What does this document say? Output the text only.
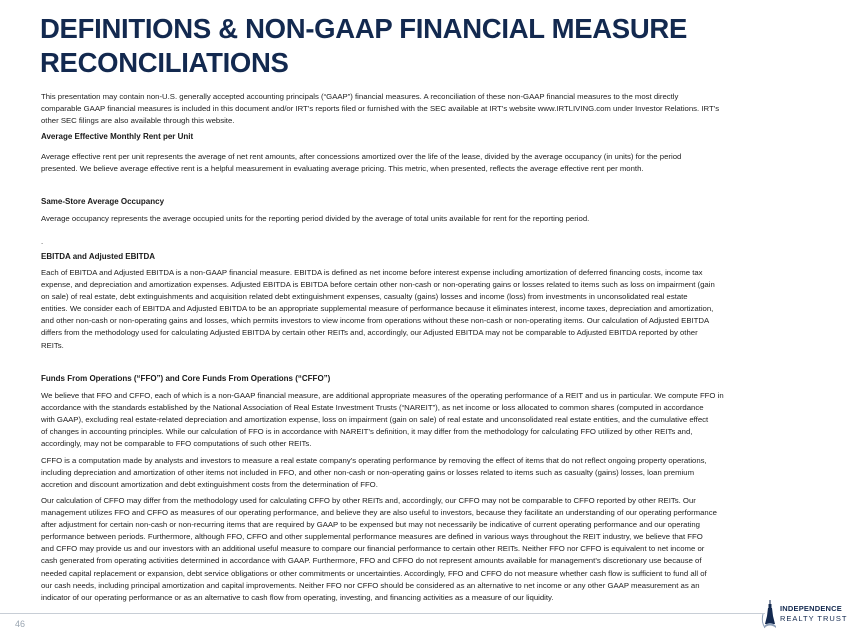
DEFINITIONS & NON-GAAP FINANCIAL MEASURE
RECONCILIATIONS
This presentation may contain non-U.S. generally accepted accounting principals (“GAAP”) financial measures. A reconciliation of these non-GAAP financial measures to the most directly
comparable GAAP financial measures is included in this document and/or IRT’s reports filed or furnished with the SEC available at IRT’s website www.IRTLIVING.com under Investor Relations. IRT’s
other SEC filings are also available through this website.
Average Effective Monthly Rent per Unit
Average effective rent per unit represents the average of net rent amounts, after concessions amortized over the life of the lease, divided by the average occupancy (in units) for the period
presented. We believe average effective rent is a helpful measurement in evaluating average pricing. This metric, when presented, reflects the average effective rent per month.
Same-Store Average Occupancy
Average occupancy represents the average occupied units for the reporting period divided by the average of total units available for rent for the reporting period.
.
EBITDA and Adjusted EBITDA
Each of EBITDA and Adjusted EBITDA is a non-GAAP financial measure. EBITDA is defined as net income before interest expense including amortization of deferred financing costs, income tax
expense, and depreciation and amortization expenses. Adjusted EBITDA is EBITDA before certain other non-cash or non-operating gains or losses related to items such as loss on impairment (gain
on sale) of real estate, debt extinguishments and acquisition related debt extinguishment expenses, casualty (gains) losses and income (loss) from investments in unconsolidated real estate
entities. We consider each of EBITDA and Adjusted EBITDA to be an appropriate supplemental measure of performance because it eliminates interest, income taxes, depreciation and amortization,
and other non-cash or non-operating gains and losses, which permits investors to view income from operations without these non-cash or non-operating items. Our calculation of Adjusted EBITDA
differs from the methodology used for calculating Adjusted EBITDA by certain other REITs and, accordingly, our Adjusted EBITDA may not be comparable to Adjusted EBITDA reported by other
REITs.
Funds From Operations (“FFO”) and Core Funds From Operations (“CFFO”)
We believe that FFO and CFFO, each of which is a non-GAAP financial measure, are additional appropriate measures of the operating performance of a REIT and us in particular. We compute FFO in
accordance with the standards established by the National Association of Real Estate Investment Trusts (“NAREIT”), as net income or loss allocated to common shares (computed in accordance
with GAAP), excluding real estate-related depreciation and amortization expense, loss on impairment (gain on sale) of real estate and unconsolidated real estate entities, and the cumulative effect
of changes in accounting principles. While our calculation of FFO is in accordance with NAREIT’s definition, it may differ from the methodology for calculating FFO utilized by other REITs and,
accordingly, may not be comparable to FFO computations of such other REITs.
CFFO is a computation made by analysts and investors to measure a real estate company’s operating performance by removing the effect of items that do not reflect ongoing property operations,
including depreciation and amortization of other items not included in FFO, and other non-cash or non-operating gains or losses related to items such as casualty (gains) losses, loan premium
accretion and discount amortization and debt extinguishment costs from the determination of FFO.
Our calculation of CFFO may differ from the methodology used for calculating CFFO by other REITs and, accordingly, our CFFO may not be comparable to CFFO reported by other REITs. Our
management utilizes FFO and CFFO as measures of our operating performance, and believe they are also useful to investors, because they facilitate an understanding of our operating performance
after adjustment for certain non-cash or non-recurring items that are required by GAAP to be expensed but may not necessarily be indicative of current operating performance and our operating
performance between periods. Furthermore, although FFO, CFFO and other supplemental performance measures are defined in various ways throughout the REIT industry, we believe that FFO
and CFFO may provide us and our investors with an additional useful measure to compare our financial performance to certain other REITs. Neither FFO nor CFFO is equivalent to net income or
cash generated from operating activities determined in accordance with GAAP. Furthermore, FFO and CFFO do not represent amounts available for management’s discretionary use because of
needed capital replacement or expansion, debt service obligations or other commitments or uncertainties. Accordingly, FFO and CFFO do not measure whether cash flow is sufficient to fund all of
our cash needs, including principal amortization and capital improvements. Neither FFO nor CFFO should be considered as an alternative to net income or any other GAAP measurement as an
indicator of our operating performance or as an alternative to cash flow from operating, investing, and financing activities as a measure of our liquidity.
46
INDEPENDENCE
REALTY TRUST
